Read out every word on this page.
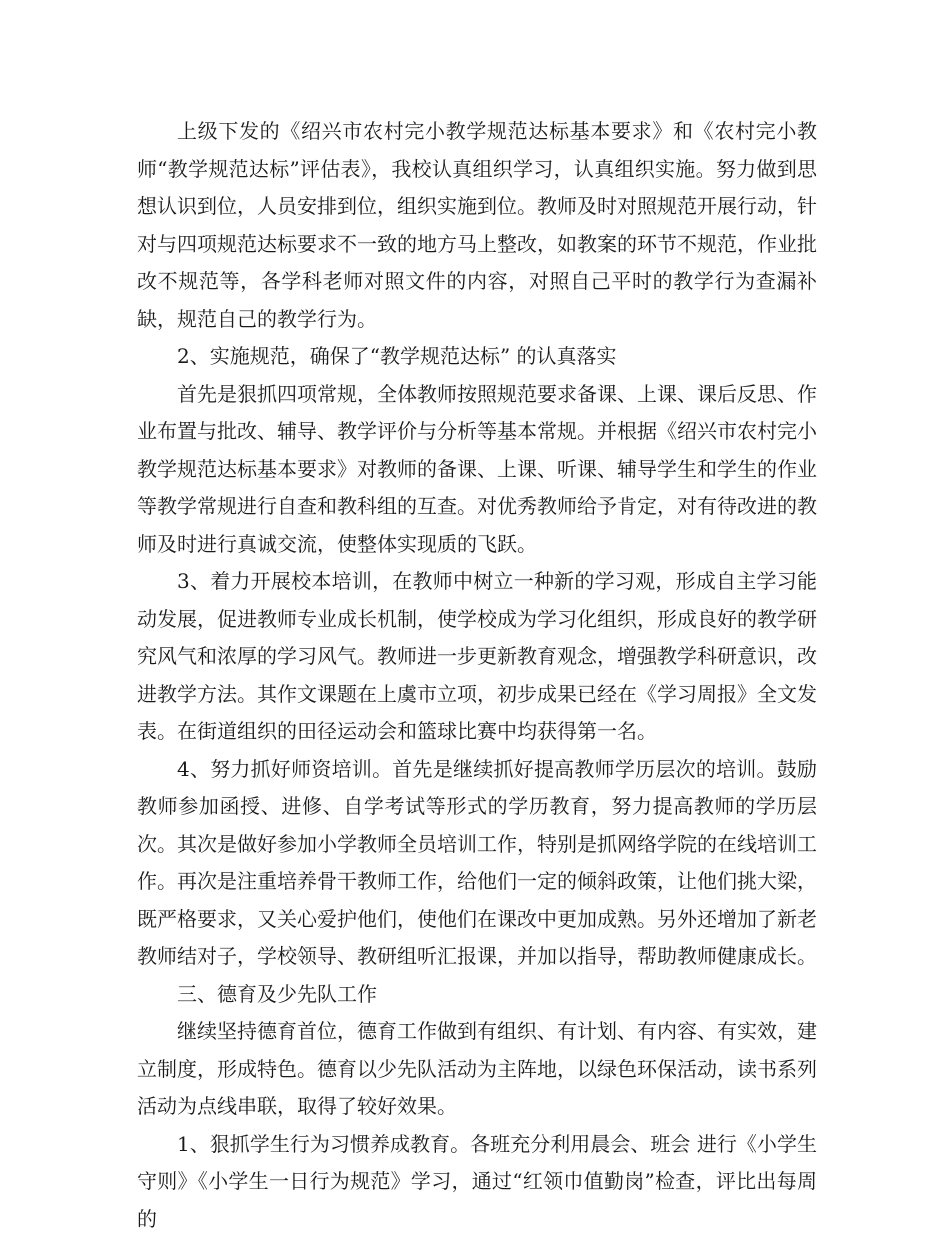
上级下发的《绍兴市农村完小教学规范达标基本要求》和《农村完小教师“教学规范达标”评估表》，我校认真组织学习，认真组织实施。努力做到思想认识到位，人员安排到位，组织实施到位。教师及时对照规范开展行动，针对与四项规范达标要求不一致的地方马上整改，如教案的环节不规范，作业批改不规范等，各学科老师对照文件的内容，对照自己平时的教学行为查漏补缺，规范自己的教学行为。

2、实施规范，确保了“教学规范达标” 的认真落实

首先是狠抓四项常规，全体教师按照规范要求备课、上课、课后反思、作业布置与批改、辅导、教学评价与分析等基本常规。并根据《绍兴市农村完小教学规范达标基本要求》对教师的备课、上课、听课、辅导学生和学生的作业等教学常规进行自查和教科组的互查。对优秀教师给予肯定，对有待改进的教师及时进行真诚交流，使整体实现质的飞跃。

3、着力开展校本培训，在教师中树立一种新的学习观，形成自主学习能动发展，促进教师专业成长机制，使学校成为学习化组织，形成良好的教学研究风气和浓厚的学习风气。教师进一步更新教育观念，增强教学科研意识，改进教学方法。其作文课题在上虞市立项，初步成果已经在《学习周报》全文发表。在街道组织的田径运动会和篮球比赛中均获得第一名。

4、努力抓好师资培训。首先是继续抓好提高教师学历层次的培训。鼓励教师参加函授、进修、自学考试等形式的学历教育，努力提高教师的学历层次。其次是做好参加小学教师全员培训工作，特别是抓网络学院的在线培训工作。再次是注重培养骨干教师工作，给他们一定的倾斜政策，让他们挑大梁，既严格要求，又关心爱护他们，使他们在课改中更加成熟。另外还增加了新老教师结对子，学校领导、教研组听汇报课，并加以指导，帮助教师健康成长。

三、德育及少先队工作

继续坚持德育首位，德育工作做到有组织、有计划、有内容、有实效，建立制度，形成特色。德育以少先队活动为主阵地，以绿色环保活动，读书系列活动为点线串联，取得了较好效果。

1、狠抓学生行为习惯养成教育。各班充分利用晨会、班会 进行《小学生守则》《小学生一日行为规范》学习，通过“红领巾值勤岗”检查，评比出每周的
